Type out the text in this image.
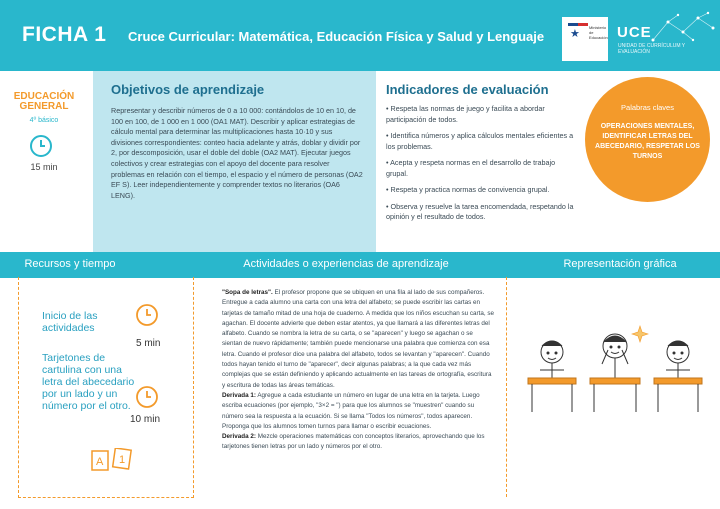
FICHA 1 Cruce Curricular: Matemática, Educación Física y Salud y Lenguaje ★
Ministerio de Educación UCE
UNIDAD DE CURRÍCULUM Y EVALUACIÓN
EDUCACIÓN GENERAL
4º básico
15 min
Objetivos de aprendizaje
Representar y describir números de 0 a 10 000: contándolos de 10 en 10, de 100 en 100, de 1 000 en 1 000 (OA1 MAT). Describir y aplicar estrategias de cálculo mental para determinar las multiplicaciones hasta 10·10 y sus divisiones correspondientes: conteo hacia adelante y atrás, doblar y dividir por 2, por descomposición, usar el doble del doble (OA2 MAT). Ejecutar juegos colectivos y crear estrategias con el apoyo del docente para resolver problemas en relación con el tiempo, el espacio y el número de personas (OA2 EF S). Leer independientemente y comprender textos no literarios (OA6 LENG).
Indicadores de evaluación
• Respeta las normas de juego y facilita a abordar participación de todos.
• Identifica números y aplica cálculos mentales eficientes a los problemas.
• Acepta y respeta normas en el desarrollo de trabajo grupal.
• Respeta y practica normas de convivencia grupal.
• Observa y resuelve la tarea encomendada, respetando la opinión y el resultado de todos.
Palabras claves
OPERACIONES MENTALES, IDENTIFICAR LETRAS DEL ABECEDARIO, RESPETAR LOS TURNOS
Recursos y tiempo	Actividades o experiencias de aprendizaje	Representación gráfica
Inicio de las actividades
5 min
Tarjetones de cartulina con una letra del abecedario por un lado y un número por el otro.
10 min
A 1
"Sopa de letras". El profesor propone que se ubiquen en una fila al lado de sus compañeros. Entregue a cada alumno una carta con una letra del alfabeto; se puede escribir las cartas en tarjetas de tamaño mitad de una hoja de cuaderno. A medida que los niños escuchan su carta, se agachan. El docente advierte que deben estar atentos, ya que llamará a las diferentes letras del alfabeto. Cuando se nombra la letra de su carta, o se "aparecen" y luego se agachan o se sientan de nuevo rápidamente; también puede mencionarse una palabra que comienza con esa letra. Cuando el profesor dice una palabra del alfabeto, todos se levantan y "aparecen". Cuando todos hayan tenido el turno de "aparecer", decir algunas palabras; a la que cada vez más complejas que se están definiendo y aplicando actualmente en las tareas de ortografía, escritura y escritura de todas las áreas temáticas.
Derivada 1: Agregue a cada estudiante un número en lugar de una letra en la tarjeta. Luego escriba ecuaciones (por ejemplo, "3×2 = ") para que los alumnos se "muestren" cuando su número sea la respuesta a la ecuación. Si se llama "Todos los números", todos aparecen. Proponga que los alumnos tomen turnos para llamar o escribir ecuaciones.
Derivada 2: Mezcle operaciones matemáticas con conceptos literarios, aprovechando que los tarjetones tienen letras por un lado y números por el otro.
